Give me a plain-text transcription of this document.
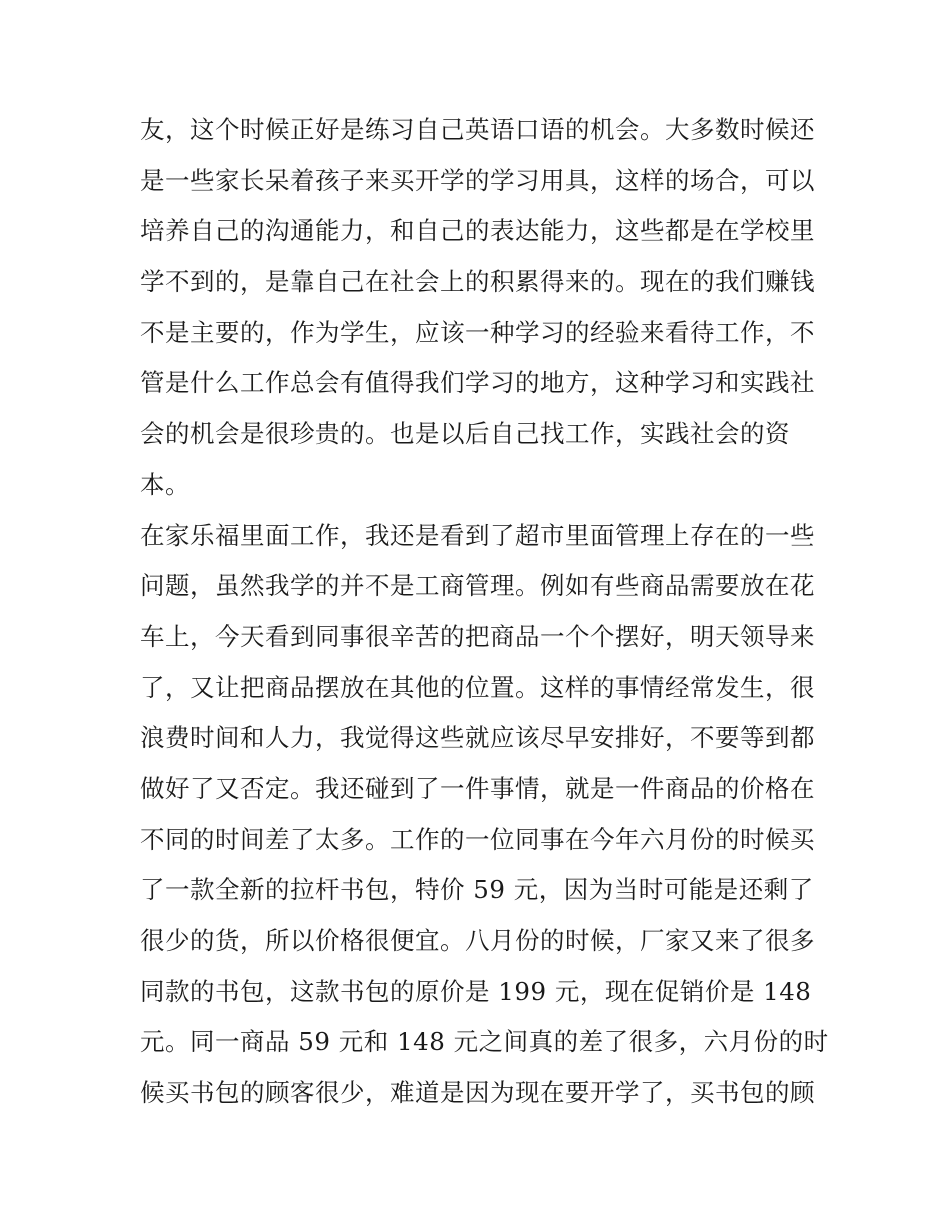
友，这个时候正好是练习自己英语口语的机会。大多数时候还
是一些家长呆着孩子来买开学的学习用具，这样的场合，可以
培养自己的沟通能力，和自己的表达能力，这些都是在学校里
学不到的，是靠自己在社会上的积累得来的。现在的我们赚钱
不是主要的，作为学生，应该一种学习的经验来看待工作，不
管是什么工作总会有值得我们学习的地方，这种学习和实践社
会的机会是很珍贵的。也是以后自己找工作，实践社会的资
本。
在家乐福里面工作，我还是看到了超市里面管理上存在的一些
问题，虽然我学的并不是工商管理。例如有些商品需要放在花
车上，今天看到同事很辛苦的把商品一个个摆好，明天领导来
了，又让把商品摆放在其他的位置。这样的事情经常发生，很
浪费时间和人力，我觉得这些就应该尽早安排好，不要等到都
做好了又否定。我还碰到了一件事情，就是一件商品的价格在
不同的时间差了太多。工作的一位同事在今年六月份的时候买
了一款全新的拉杆书包，特价 59 元，因为当时可能是还剩了
很少的货，所以价格很便宜。八月份的时候，厂家又来了很多
同款的书包，这款书包的原价是 199 元，现在促销价是 148
元。同一商品 59 元和 148 元之间真的差了很多，六月份的时
候买书包的顾客很少，难道是因为现在要开学了，买书包的顾
